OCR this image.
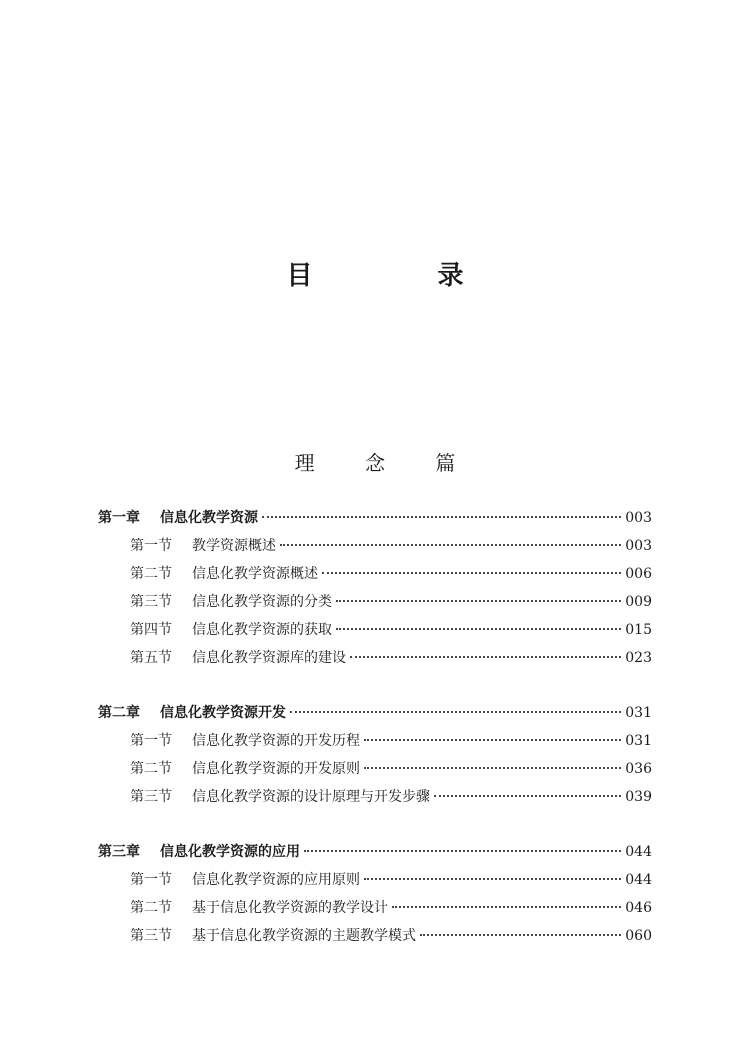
目 录
理 念 篇
第一章	信息化教学资源	003
第一节	教学资源概述	003
第二节	信息化教学资源概述	006
第三节	信息化教学资源的分类	009
第四节	信息化教学资源的获取	015
第五节	信息化教学资源库的建设	023
第二章	信息化教学资源开发	031
第一节	信息化教学资源的开发历程	031
第二节	信息化教学资源的开发原则	036
第三节	信息化教学资源的设计原理与开发步骤	039
第三章	信息化教学资源的应用	044
第一节	信息化教学资源的应用原则	044
第二节	基于信息化教学资源的教学设计	046
第三节	基于信息化教学资源的主题教学模式	060
